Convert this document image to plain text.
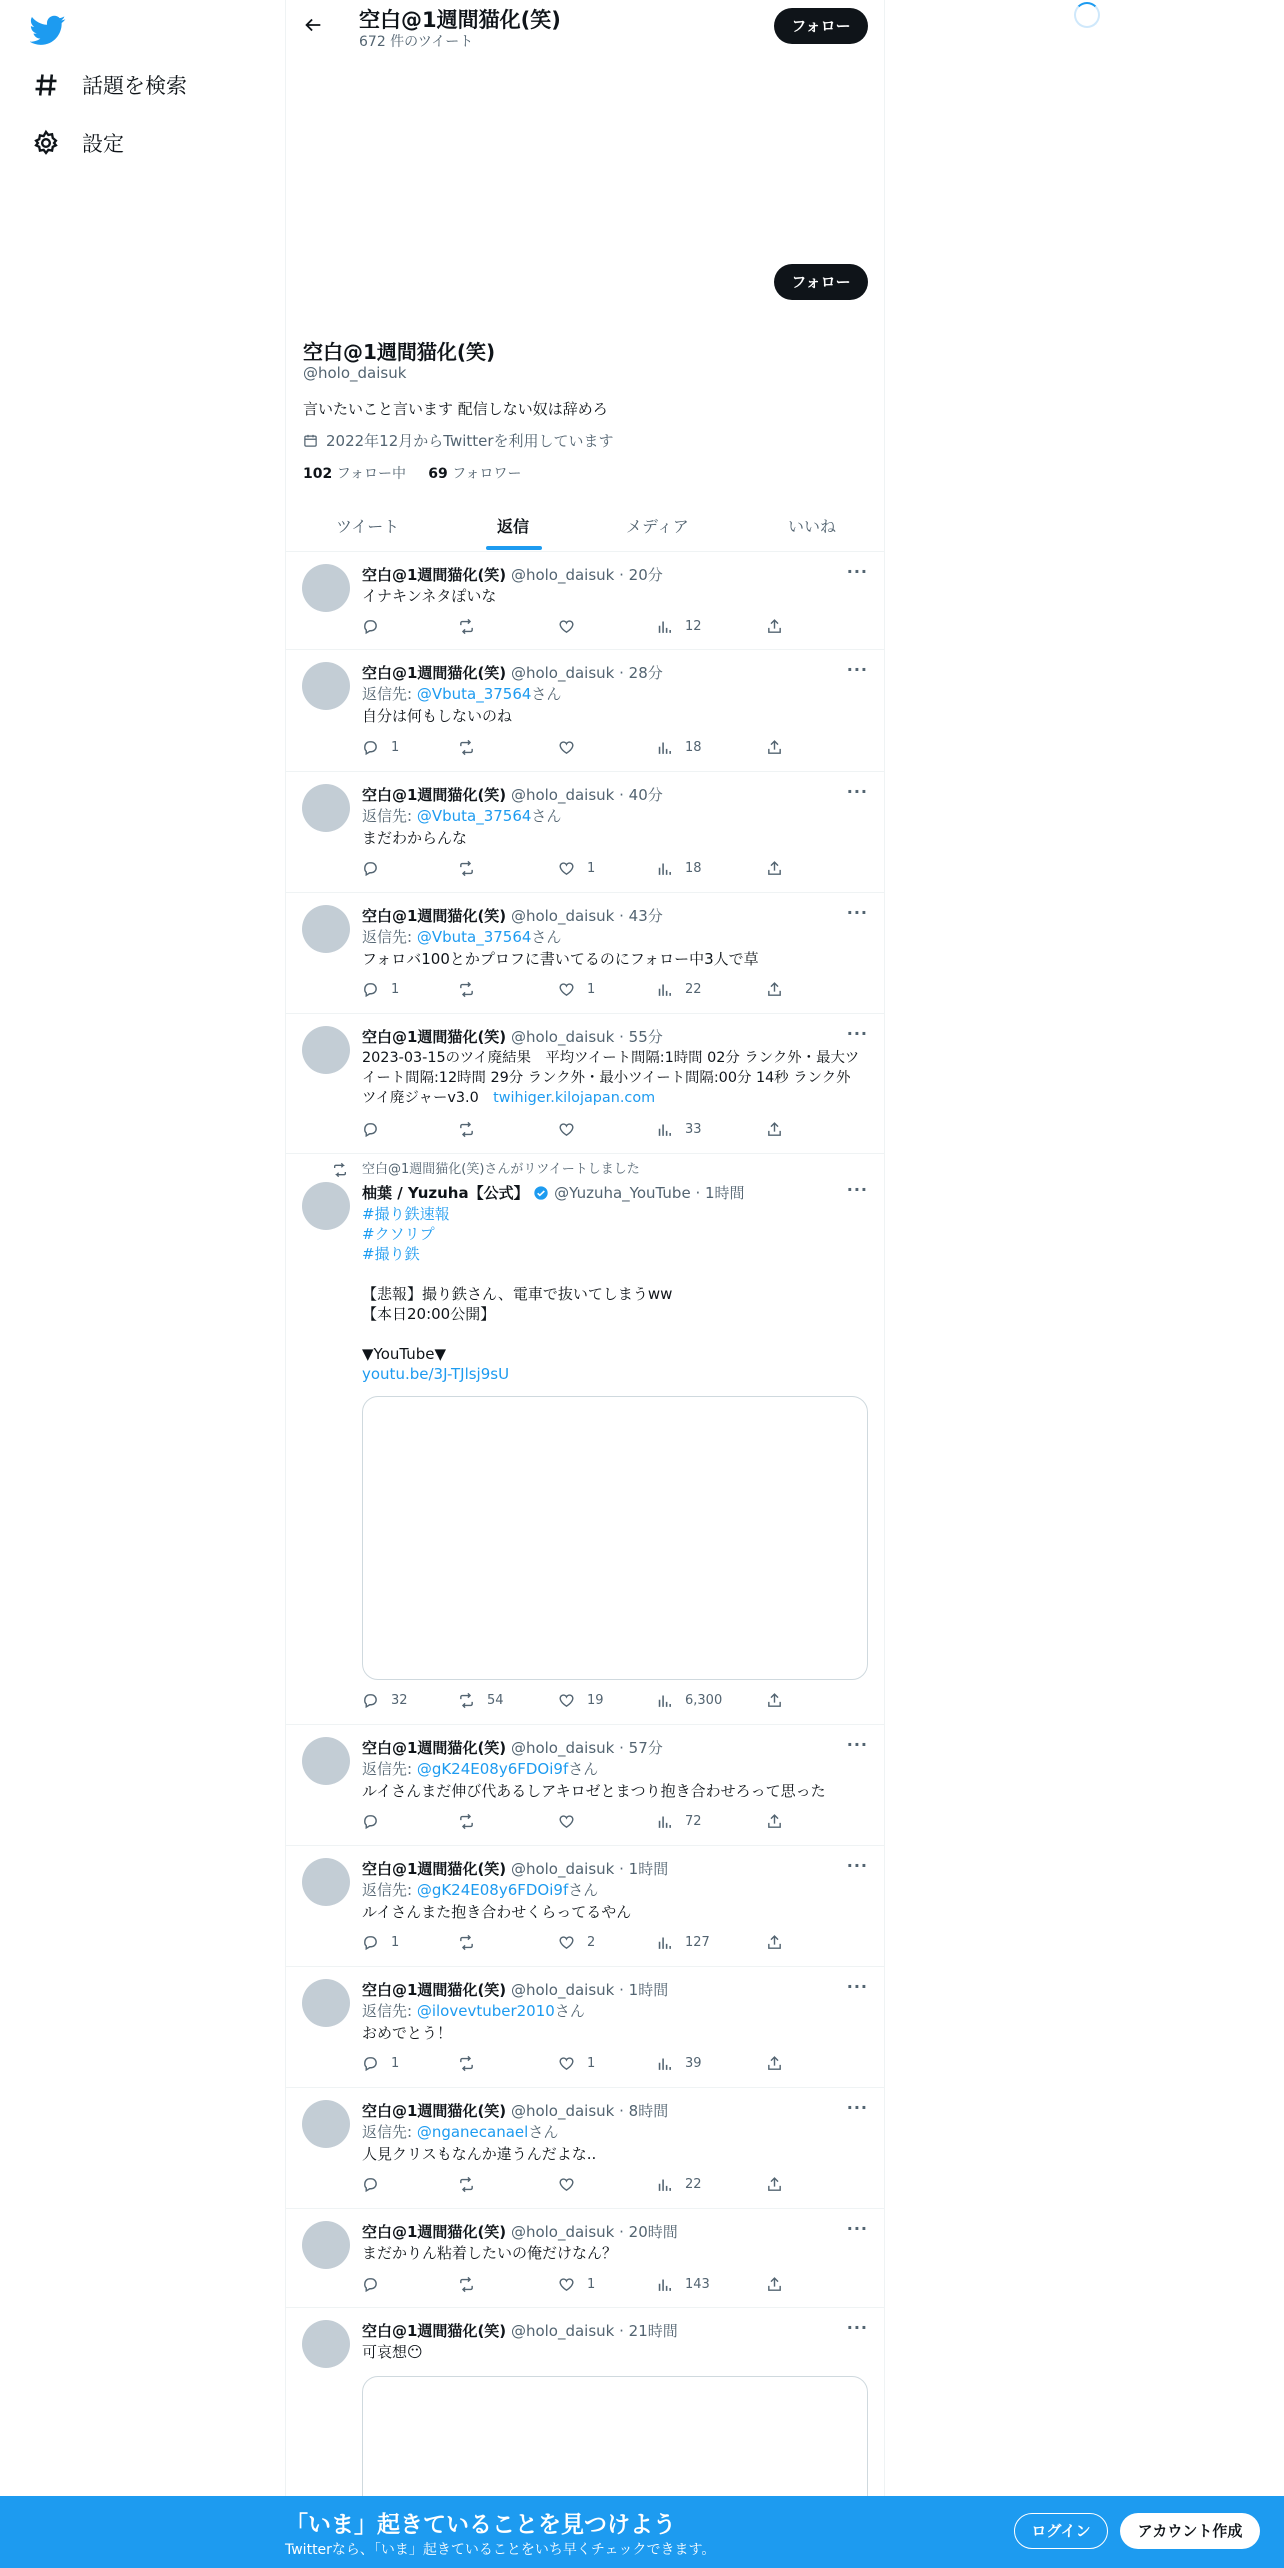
話題を検索
設定
空白@1週間猫化(笑)
672 件のツイート
フォロー
フォロー
空白@1週間猫化(笑)
@holo_daisuk
言いたいこと言います 配信しない奴は辞めろ
2022年12月からTwitterを利用しています
102 フォロー中 69 フォロワー
ツイート	返信	メディア	いいね
空白@1週間猫化(笑) @holo_daisuk · 20分	···
イナキンネタぽいな
12
空白@1週間猫化(笑) @holo_daisuk · 28分	···
返信先: @Vbuta_37564さん
自分は何もしないのね
1	18
空白@1週間猫化(笑) @holo_daisuk · 40分	···
返信先: @Vbuta_37564さん
まだわからんな
1	18
空白@1週間猫化(笑) @holo_daisuk · 43分	···
返信先: @Vbuta_37564さん
フォロバ100とかプロフに書いてるのにフォロー中3人で草
1	1	22
空白@1週間猫化(笑) @holo_daisuk · 55分	···
2023-03-15のツイ廃結果　平均ツイート間隔:1時間 02分 ランク外・最大ツ
イート間隔:12時間 29分 ランク外・最小ツイート間隔:00分 14秒 ランク外
ツイ廃ジャーv3.0　twihiger.kilojapan.com
33
空白@1週間猫化(笑)さんがリツイートしました
柚葉 / Yuzuha【公式】 @Yuzuha_YouTube · 1時間	···
#撮り鉄速報
#クソリプ
#撮り鉄
【悲報】撮り鉄さん、電車で抜いてしまうww
【本日20:00公開】
▼YouTube▼
youtu.be/3J-TJlsj9sU
32	54	19	6,300
空白@1週間猫化(笑) @holo_daisuk · 57分	···
返信先: @gK24E08y6FDOi9fさん
ルイさんまだ伸び代あるしアキロゼとまつり抱き合わせろって思った
72
空白@1週間猫化(笑) @holo_daisuk · 1時間	···
返信先: @gK24E08y6FDOi9fさん
ルイさんまた抱き合わせくらってるやん
1	2	127
空白@1週間猫化(笑) @holo_daisuk · 1時間	···
返信先: @ilovevtuber2010さん
おめでとう！
1	1	39
空白@1週間猫化(笑) @holo_daisuk · 8時間	···
返信先: @nganecanaelさん
人見クリスもなんか違うんだよな..
22
空白@1週間猫化(笑) @holo_daisuk · 20時間	···
まだかりん粘着したいの俺だけなん？
1	143
空白@1週間猫化(笑) @holo_daisuk · 21時間	···
可哀想😶
「いま」起きていることを見つけよう
Twitterなら、「いま」起きていることをいち早くチェックできます。
ログイン	アカウント作成
